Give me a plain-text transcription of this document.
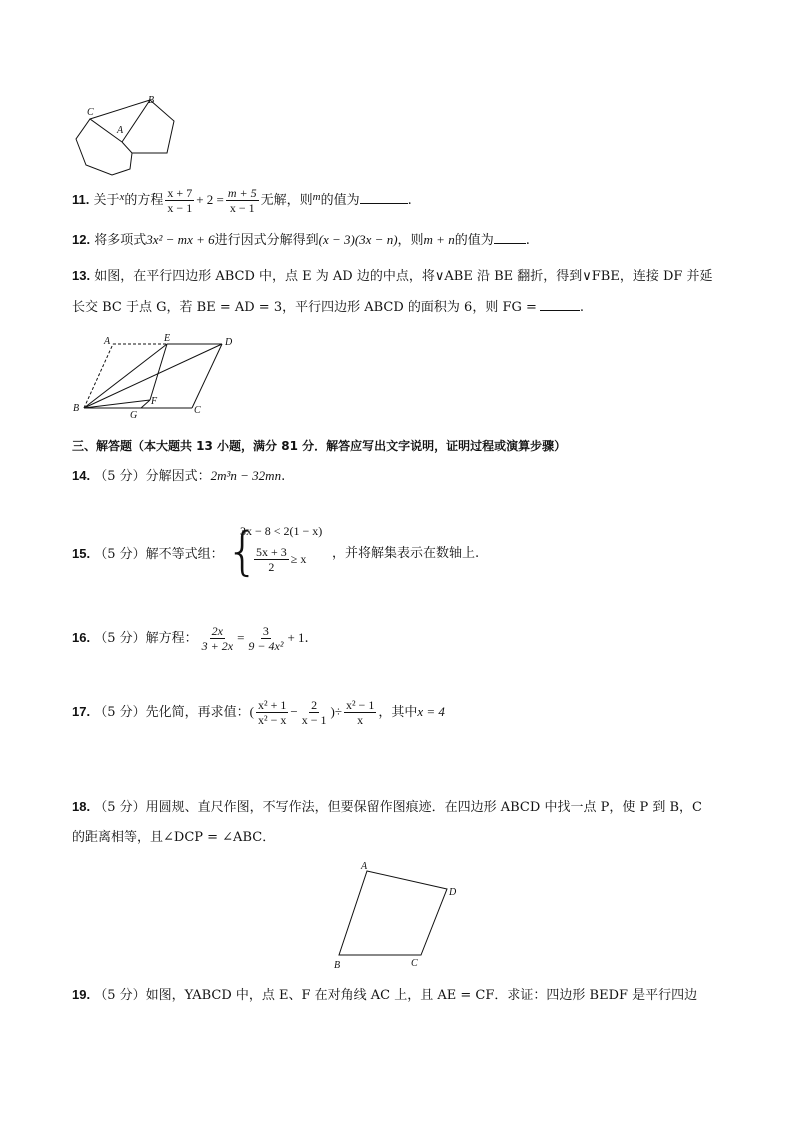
C
B
A
11. 关于$^x$的方程 $\frac{x + 7}{x - 1} + 2 = \frac{m + 5}{x - 1}$ 无解，则$^m$的值为	.
12. 将多项式3x² − mx + 6进行因式分解得到(x − 3)(3x − n)，则m + n的值为 .
13. 如图，在平行四边形 ABCD 中，点 E 为 AD 边的中点，将∨ABE 沿 BE 翻折，得到∨FBE，连接 DF 并延
长交 BC 于点 G，若 BE = AD = 3，平行四边形 ABCD 的面积为 6，则 FG =	.
A	E	D
B
G
F
C
三、解答题（本大题共 13 小题，满分 81 分．解答应写出文字说明，证明过程或演算步骤）
14. （5 分）分解因式：2m³n − 32mn.
15. （5 分）解不等式组： {
3x − 8 < 2(1 − x)
$\frac{5x + 3}{2} \ge x$ ，并将解集表示在数轴上.
16. （5 分）解方程： $\frac{2x}{3 + 2x} = \frac{3}{\text{9 − 4x²}} + 1$.
17. （5 分）先化简，再求值：( $\frac{\text{x² + 1}}{\text{x² − x}} - \frac{2}{x - 1}$ )÷ $\frac{\text{x² − 1}}{x}$ ，其中x = 4
18. （5 分）用圆规、直尺作图，不写作法，但要保留作图痕迹．在四边形 ABCD 中找一点 P，使 P 到 B，C
的距离相等，且∠DCP = ∠ABC．
A
D
B	C
19. （5 分）如图，YABCD 中，点 E、F 在对角线 AC 上，且 AE = CF．求证：四边形 BEDF 是平行四边
